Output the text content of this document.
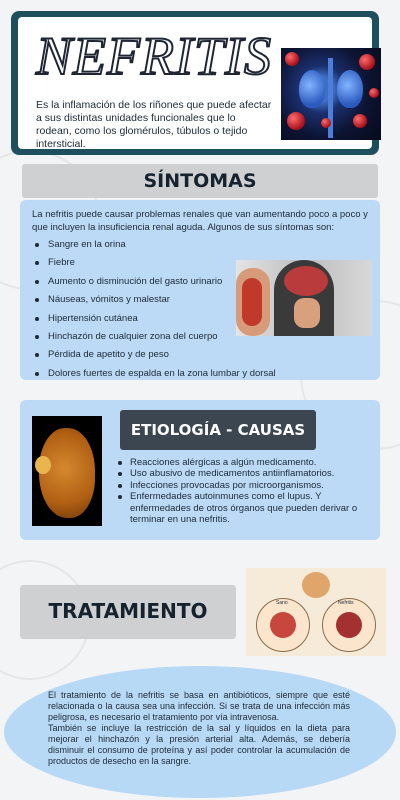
NEFRITIS
Es la inflamación de los riñones que puede afectar a sus distintas unidades funcionales que lo rodean, como los glomérulos, túbulos o tejido intersticial.
SÍNTOMAS
La nefritis puede causar problemas renales que van aumentando poco a poco y que incluyen la insuficiencia renal aguda. Algunos de sus síntomas son:
Sangre en la orina
Fiebre
Aumento o disminución del gasto urinario
Náuseas, vómitos y malestar
Hipertensión cutánea
Hinchazón de cualquier zona del cuerpo
Pérdida de apetito y de peso
Dolores fuertes de espalda en la zona lumbar y dorsal
ETIOLOGÍA - CAUSAS
Reacciones alérgicas a algún medicamento.
Uso abusivo de medicamentos antiinflamatorios.
Infecciones provocadas por microorganismos.
Enfermedades autoinmunes como el lupus. Y enfermedades de otros órganos que pueden derivar o terminar en una nefritis.
TRATAMIENTO	Sano	Nefritis
El tratamiento de la nefritis se basa en antibióticos, siempre que esté relacionada o la causa sea una infección. Si se trata de una infección más peligrosa, es necesario el tratamiento por vía intravenosa.
También se incluye la restricción de la sal y líquidos en la dieta para mejorar el hinchazón y la presión arterial alta. Además, se debería disminuir el consumo de proteína y así poder controlar la acumulación de productos de desecho en la sangre.
